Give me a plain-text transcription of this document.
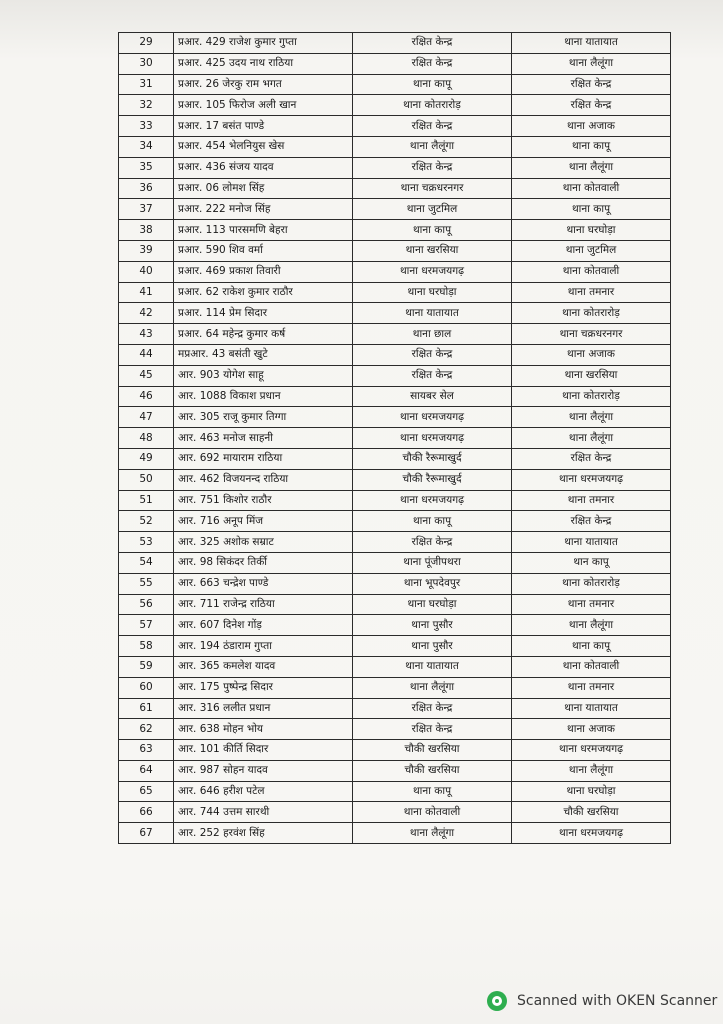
29	प्रआर. 429 राजेश कुमार गुप्ता	रक्षित केन्द्र	थाना यातायात
30	प्रआर. 425 उदय नाथ राठिया	रक्षित केन्द्र	थाना लैलूंगा
31	प्रआर. 26 जेरकु राम भगत	थाना कापू	रक्षित केन्द्र
32	प्रआर. 105 फिरोज अली खान	थाना कोतरारोड़	रक्षित केन्द्र
33	प्रआर. 17 बसंत पाण्डे	रक्षित केन्द्र	थाना अजाक
34	प्रआर. 454 भेलनियुस खेस	थाना लैलूंगा	थाना कापू
35	प्रआर. 436 संजय यादव	रक्षित केन्द्र	थाना लैलूंगा
36	प्रआर. 06 लोमश सिंह	थाना चक्रधरनगर	थाना कोतवाली
37	प्रआर. 222 मनोज सिंह	थाना जुटमिल	थाना कापू
38	प्रआर. 113 पारसमणि बेहरा	थाना कापू	थाना घरघोड़ा
39	प्रआर. 590 शिव वर्मा	थाना खरसिया	थाना जुटमिल
40	प्रआर. 469 प्रकाश तिवारी	थाना धरमजयगढ़	थाना कोतवाली
41	प्रआर. 62 राकेश कुमार राठौर	थाना घरघोड़ा	थाना तमनार
42	प्रआर. 114 प्रेम सिदार	थाना यातायात	थाना कोतरारोड़
43	प्रआर. 64 महेन्द्र कुमार कर्ष	थाना छाल	थाना चक्रधरनगर
44	मप्रआर. 43 बसंती खुटे	रक्षित केन्द्र	थाना अजाक
45	आर. 903 योगेश साहू	रक्षित केन्द्र	थाना खरसिया
46	आर. 1088 विकाश प्रधान	सायबर सेल	थाना कोतरारोड़
47	आर. 305 राजू कुमार तिग्गा	थाना धरमजयगढ़	थाना लैलूंगा
48	आर. 463 मनोज साहनी	थाना धरमजयगढ़	थाना लैलूंगा
49	आर. 692 मायाराम राठिया	चौकी रैरूमाखुर्द	रक्षित केन्द्र
50	आर. 462 विजयनन्द राठिया	चौकी रैरूमाखुर्द	थाना धरमजयगढ़
51	आर. 751 किशोर राठौर	थाना धरमजयगढ़	थाना तमनार
52	आर. 716 अनूप मिंज	थाना कापू	रक्षित केन्द्र
53	आर. 325 अशोक सम्राट	रक्षित केन्द्र	थाना यातायात
54	आर. 98 सिकंदर तिर्की	थाना पूंजीपथरा	थान कापू
55	आर. 663 चन्द्रेश पाण्डे	थाना भूपदेवपुर	थाना कोतरारोड़
56	आर. 711 राजेन्द्र राठिया	थाना घरघोड़ा	थाना तमनार
57	आर. 607 दिनेश गोंड़	थाना पुसौर	थाना लैलूंगा
58	आर. 194 ठंडाराम गुप्ता	थाना पुसौर	थाना कापू
59	आर. 365 कमलेश यादव	थाना यातायात	थाना कोतवाली
60	आर. 175 पुष्पेन्द्र सिदार	थाना लैलूंगा	थाना तमनार
61	आर. 316 ललीत प्रधान	रक्षित केन्द्र	थाना यातायात
62	आर. 638 मोहन भोय	रक्षित केन्द्र	थाना अजाक
63	आर. 101 कीर्ति सिदार	चौकी खरसिया	थाना धरमजयगढ़
64	आर. 987 सोहन यादव	चौकी खरसिया	थाना लैलूंगा
65	आर. 646 हरीश पटेल	थाना कापू	थाना घरघोड़ा
66	आर. 744 उत्तम सारथी	थाना कोतवाली	चौकी खरसिया
67	आर. 252 हरवंश सिंह	थाना लैलूंगा	थाना धरमजयगढ़
Scanned with OKEN Scanner
